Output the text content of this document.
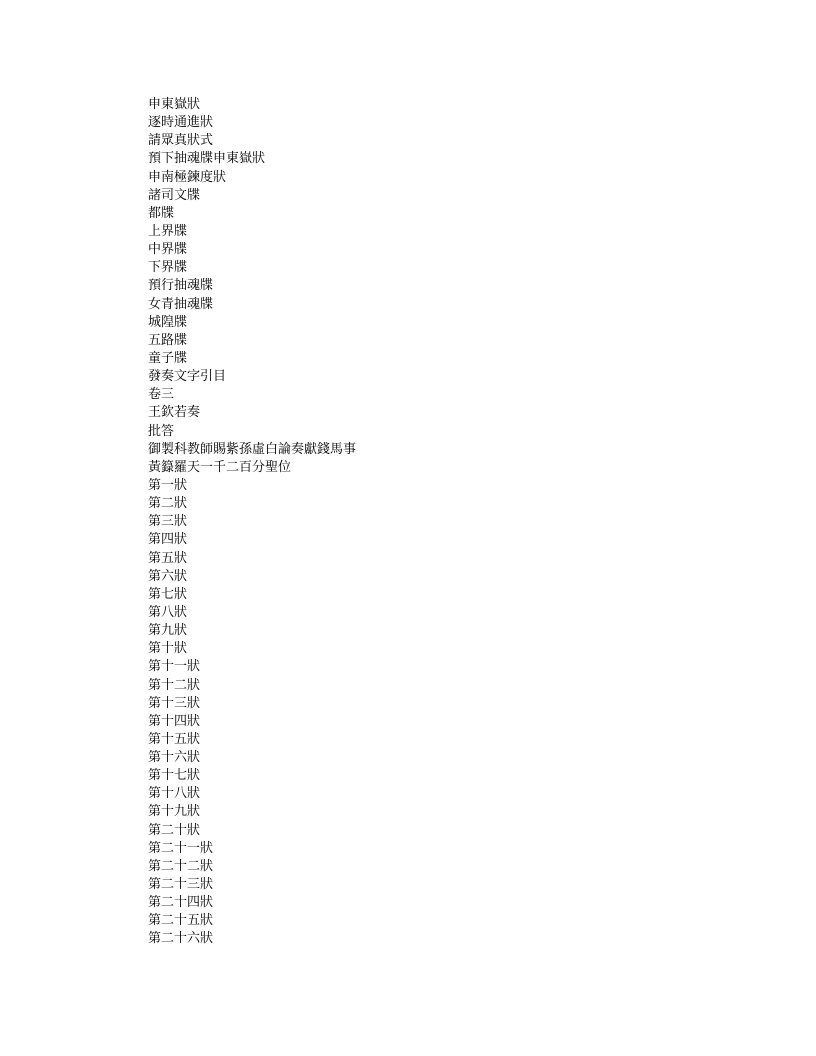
申東嶽狀
逐時通進狀
請眾真狀式
預下抽魂牒申東嶽狀
申南極鍊度狀
諸司文牒
都牒
上界牒
中界牒
下界牒
預行抽魂牒
女青抽魂牒
城隍牒
五路牒
童子牒
發奏文字引目
卷三
王欽若奏
批答
御製科教師賜紫孫虛白論奏獻錢馬事
黃籙羅天一千二百分聖位
第一狀
第二狀
第三狀
第四狀
第五狀
第六狀
第七狀
第八狀
第九狀
第十狀
第十一狀
第十二狀
第十三狀
第十四狀
第十五狀
第十六狀
第十七狀
第十八狀
第十九狀
第二十狀
第二十一狀
第二十二狀
第二十三狀
第二十四狀
第二十五狀
第二十六狀
